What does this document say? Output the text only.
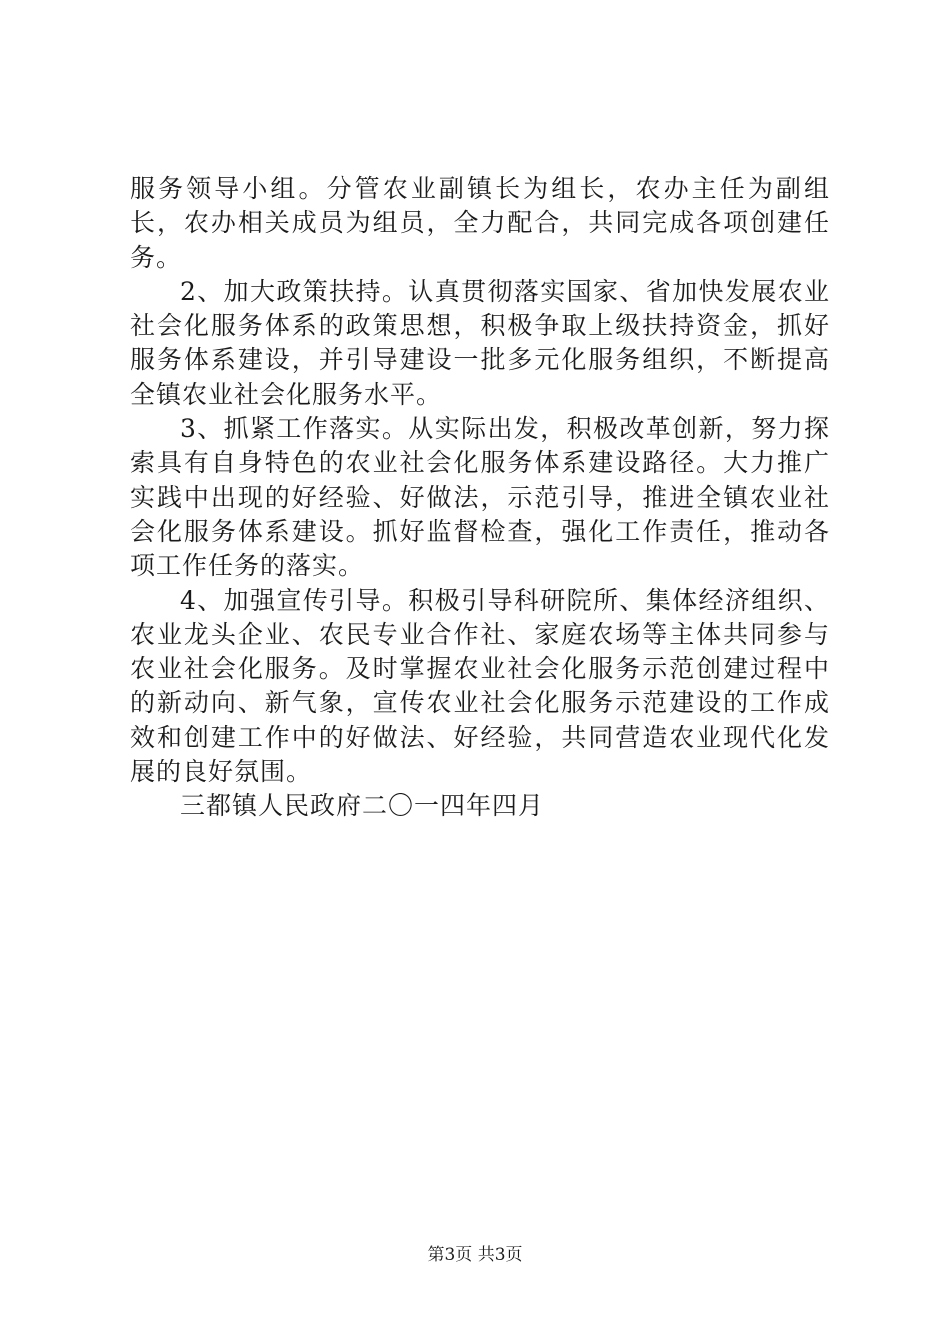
服务领导小组。分管农业副镇长为组长，农办主任为副组长，农办相关成员为组员，全力配合，共同完成各项创建任务。

2、加大政策扶持。认真贯彻落实国家、省加快发展农业社会化服务体系的政策思想，积极争取上级扶持资金，抓好服务体系建设，并引导建设一批多元化服务组织，不断提高全镇农业社会化服务水平。

3、抓紧工作落实。从实际出发，积极改革创新，努力探索具有自身特色的农业社会化服务体系建设路径。大力推广实践中出现的好经验、好做法，示范引导，推进全镇农业社会化服务体系建设。抓好监督检查，强化工作责任，推动各项工作任务的落实。

4、加强宣传引导。积极引导科研院所、集体经济组织、农业龙头企业、农民专业合作社、家庭农场等主体共同参与农业社会化服务。及时掌握农业社会化服务示范创建过程中的新动向、新气象，宣传农业社会化服务示范建设的工作成效和创建工作中的好做法、好经验，共同营造农业现代化发展的良好氛围。

三都镇人民政府二〇一四年四月

第3页 共3页
